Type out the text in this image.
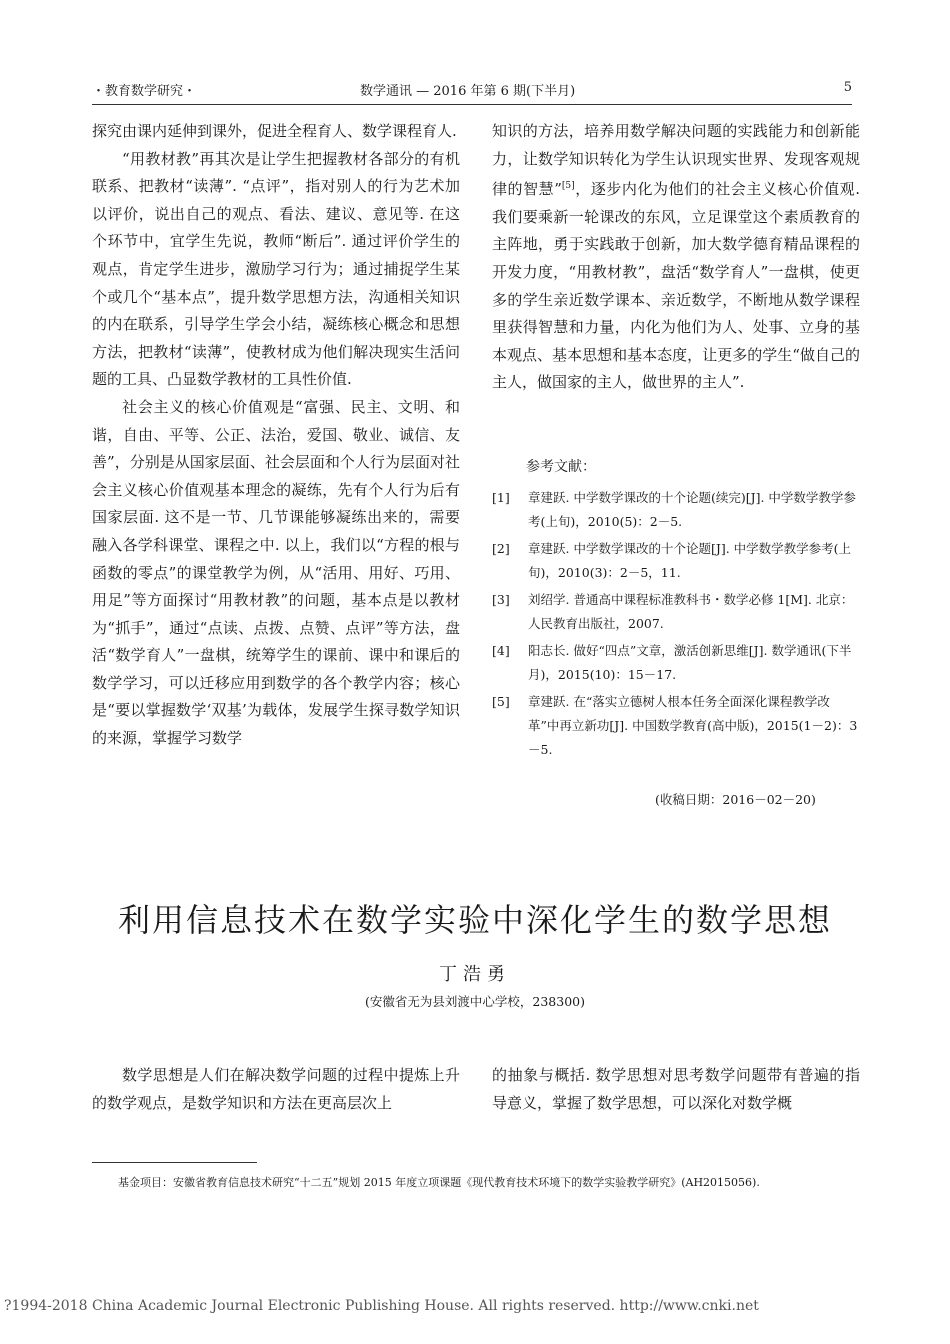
・教育数学研究・	数学通讯 — 2016 年第 6 期(下半月)	5

探究由课内延伸到课外，促进全程育人、数学课程育人.

“用教材教”再其次是让学生把握教材各部分的有机联系、把教材“读薄”. “点评”，指对别人的行为艺术加以评价，说出自己的观点、看法、建议、意见等. 在这个环节中，宜学生先说，教师“断后”. 通过评价学生的观点，肯定学生进步，激励学习行为；通过捕捉学生某个或几个“基本点”，提升数学思想方法，沟通相关知识的内在联系，引导学生学会小结，凝练核心概念和思想方法，把教材“读薄”，使教材成为他们解决现实生活问题的工具、凸显数学教材的工具性价值.

社会主义的核心价值观是“富强、民主、文明、和谐，自由、平等、公正、法治，爱国、敬业、诚信、友善”，分别是从国家层面、社会层面和个人行为层面对社会主义核心价值观基本理念的凝练，先有个人行为后有国家层面. 这不是一节、几节课能够凝练出来的，需要融入各学科课堂、课程之中. 以上，我们以“方程的根与函数的零点”的课堂教学为例，从“活用、用好、巧用、用足”等方面探讨“用教材教”的问题，基本点是以教材为“抓手”，通过“点读、点拨、点赞、点评”等方法，盘活“数学育人”一盘棋，统筹学生的课前、课中和课后的数学学习，可以迁移应用到数学的各个教学内容；核心是“要以掌握数学‘双基’为载体，发展学生探寻数学知识的来源，掌握学习数学

知识的方法，培养用数学解决问题的实践能力和创新能力，让数学知识转化为学生认识现实世界、发现客观规律的智慧”[5]，逐步内化为他们的社会主义核心价值观. 我们要乘新一轮课改的东风，立足课堂这个素质教育的主阵地，勇于实践敢于创新，加大数学德育精品课程的开发力度，“用教材教”，盘活“数学育人”一盘棋，使更多的学生亲近数学课本、亲近数学，不断地从数学课程里获得智慧和力量，内化为他们为人、处事、立身的基本观点、基本思想和基本态度，让更多的学生“做自己的主人，做国家的主人，做世界的主人”.

参考文献：
[1]	章建跃. 中学数学课改的十个论题(续完)[J]. 中学数学教学参考(上旬)，2010(5)：2－5.
[2]	章建跃. 中学数学课改的十个论题[J]. 中学数学教学参考(上旬)，2010(3)：2－5，11.
[3]	刘绍学. 普通高中课程标准教科书・数学必修 1[M]. 北京：人民教育出版社，2007.
[4]	阳志长. 做好“四点”文章，激活创新思维[J]. 数学通讯(下半月)，2015(10)：15－17.
[5]	章建跃. 在“落实立德树人根本任务全面深化课程教学改革”中再立新功[J]. 中国数学教育(高中版)，2015(1－2)：3－5.
(收稿日期：2016－02－20)
利用信息技术在数学实验中深化学生的数学思想
丁浩勇
(安徽省无为县刘渡中心学校，238300)

数学思想是人们在解决数学问题的过程中提炼上升的数学观点，是数学知识和方法在更高层次上

的抽象与概括. 数学思想对思考数学问题带有普遍的指导意义，掌握了数学思想，可以深化对数学概

基金项目：安徽省教育信息技术研究“十二五”规划 2015 年度立项课题《现代教育技术环境下的数学实验教学研究》(AH2015056).
?1994-2018 China Academic Journal Electronic Publishing House. All rights reserved. http://www.cnki.net
